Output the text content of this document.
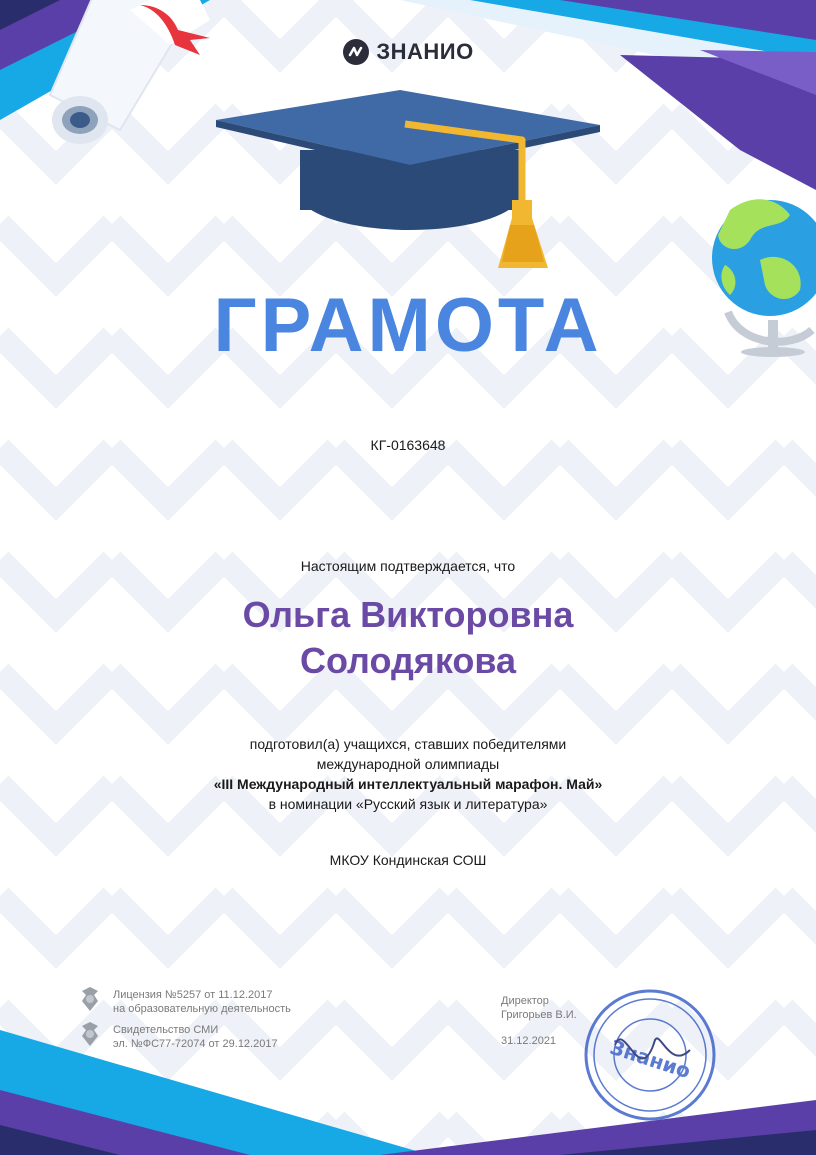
Знанио
ЗНАНИО
ГРАМОТА
КГ-0163648
Настоящим подтверждается, что
Ольга Викторовна
Солодякова
подготовил(а) учащихся, ставших победителями
международной олимпиады
«III Международный интеллектуальный марафон. Май»
в номинации «Русский язык и литература»
МКОУ Кондинская СОШ
Лицензия №5257 от 11.12.2017
на образовательную деятельность
Свидетельство СМИ
эл. №ФС77-72074 от 29.12.2017
Директор
Григорьев В.И.
31.12.2021
